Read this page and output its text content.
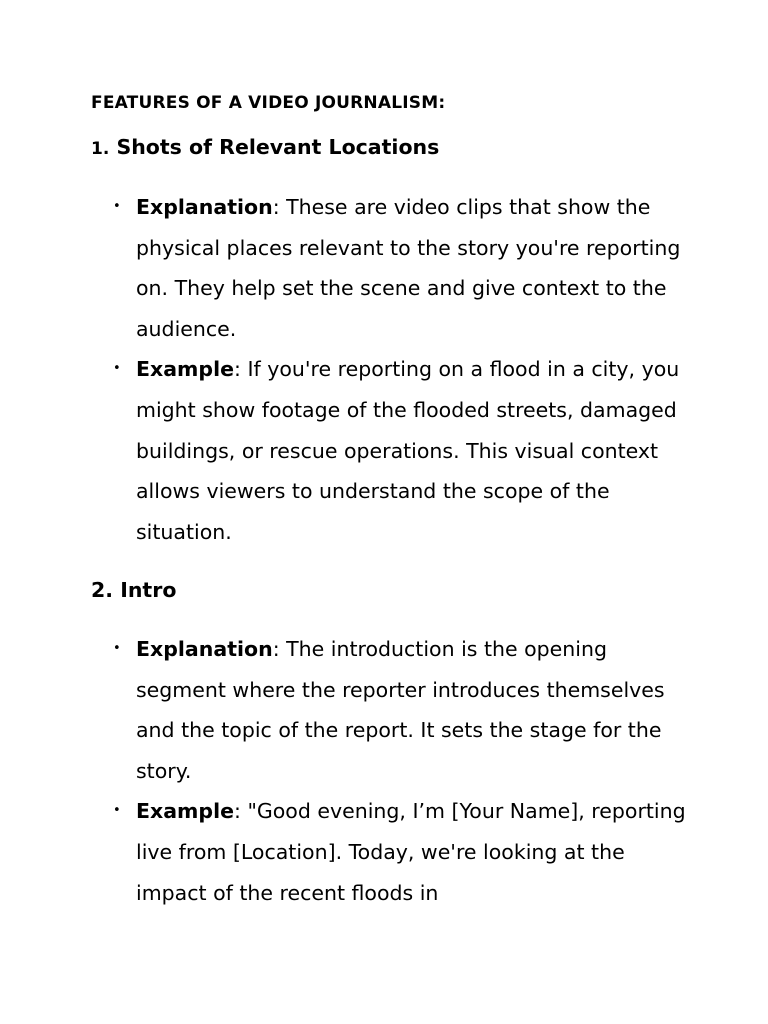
FEATURES OF A VIDEO JOURNALISM:
1. Shots of Relevant Locations
• Explanation: These are video clips that show the physical places relevant to the story you're reporting on. They help set the scene and give context to the audience.
• Example: If you're reporting on a flood in a city, you might show footage of the flooded streets, damaged buildings, or rescue operations. This visual context allows viewers to understand the scope of the situation.
2. Intro
• Explanation: The introduction is the opening segment where the reporter introduces themselves and the topic of the report. It sets the stage for the story.
• Example: "Good evening, I’m [Your Name], reporting live from [Location]. Today, we're looking at the impact of the recent floods in
